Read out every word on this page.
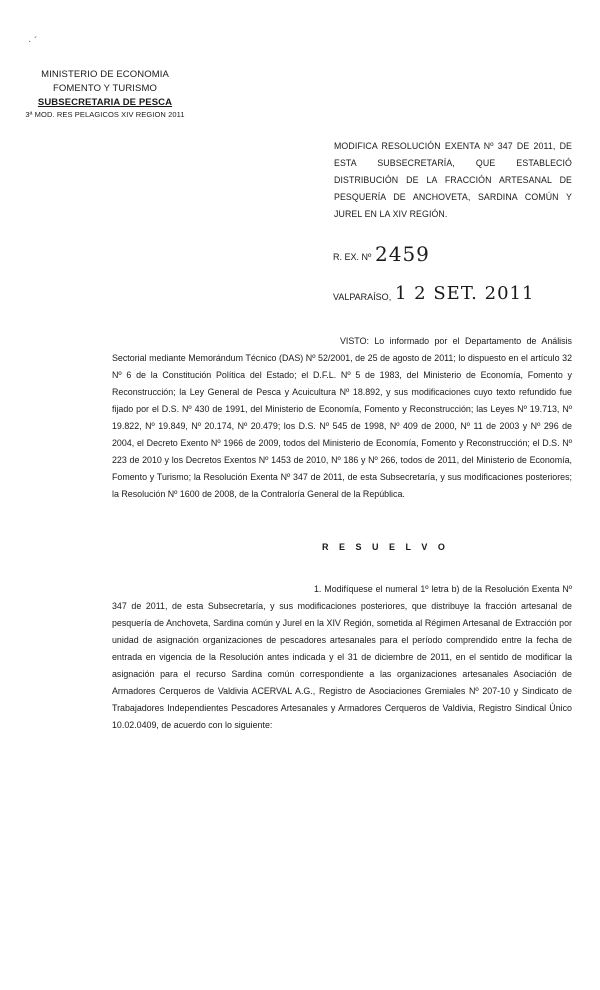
· ´
MINISTERIO DE ECONOMIA
FOMENTO Y TURISMO
SUBSECRETARIA DE PESCA
3ª MOD. RES PELAGICOS XIV REGION 2011
MODIFICA RESOLUCIÓN EXENTA Nº 347 DE 2011, DE ESTA SUBSECRETARÍA, QUE ESTABLECIÓ DISTRIBUCIÓN DE LA FRACCIÓN ARTESANAL DE PESQUERÍA DE ANCHOVETA, SARDINA COMÚN Y JUREL EN LA XIV REGIÓN.
R. EX. Nº 2459
VALPARAÍSO, 1 2 SET. 2011
VISTO: Lo informado por el Departamento de Análisis Sectorial mediante Memorándum Técnico (DAS) Nº 52/2001, de 25 de agosto de 2011; lo dispuesto en el artículo 32 Nº 6 de la Constitución Política del Estado; el D.F.L. Nº 5 de 1983, del Ministerio de Economía, Fomento y Reconstrucción; la Ley General de Pesca y Acuicultura Nº 18.892, y sus modificaciones cuyo texto refundido fue fijado por el D.S. Nº 430 de 1991, del Ministerio de Economía, Fomento y Reconstrucción; las Leyes Nº 19.713, Nº 19.822, Nº 19.849, Nº 20.174, Nº 20.479; los D.S. Nº 545 de 1998, Nº 409 de 2000, Nº 11 de 2003 y Nº 296 de 2004, el Decreto Exento Nº 1966 de 2009, todos del Ministerio de Economía, Fomento y Reconstrucción; el D.S. Nº 223 de 2010 y los Decretos Exentos Nº 1453 de 2010, Nº 186 y Nº 266, todos de 2011, del Ministerio de Economía, Fomento y Turismo; la Resolución Exenta Nº 347 de 2011, de esta Subsecretaría, y sus modificaciones posteriores; la Resolución Nº 1600 de 2008, de la Contraloría General de la República.
R E S U E L V O
1. Modifíquese el numeral 1º letra b) de la Resolución Exenta Nº 347 de 2011, de esta Subsecretaría, y sus modificaciones posteriores, que distribuye la fracción artesanal de pesquería de Anchoveta, Sardina común y Jurel en la XIV Región, sometida al Régimen Artesanal de Extracción por unidad de asignación organizaciones de pescadores artesanales para el período comprendido entre la fecha de entrada en vigencia de la Resolución antes indicada y el 31 de diciembre de 2011, en el sentido de modificar la asignación para el recurso Sardina común correspondiente a las organizaciones artesanales Asociación de Armadores Cerqueros de Valdivia ACERVAL A.G., Registro de Asociaciones Gremiales Nº 207-10 y Sindicato de Trabajadores Independientes Pescadores Artesanales y Armadores Cerqueros de Valdivia, Registro Sindical Único 10.02.0409, de acuerdo con lo siguiente:
